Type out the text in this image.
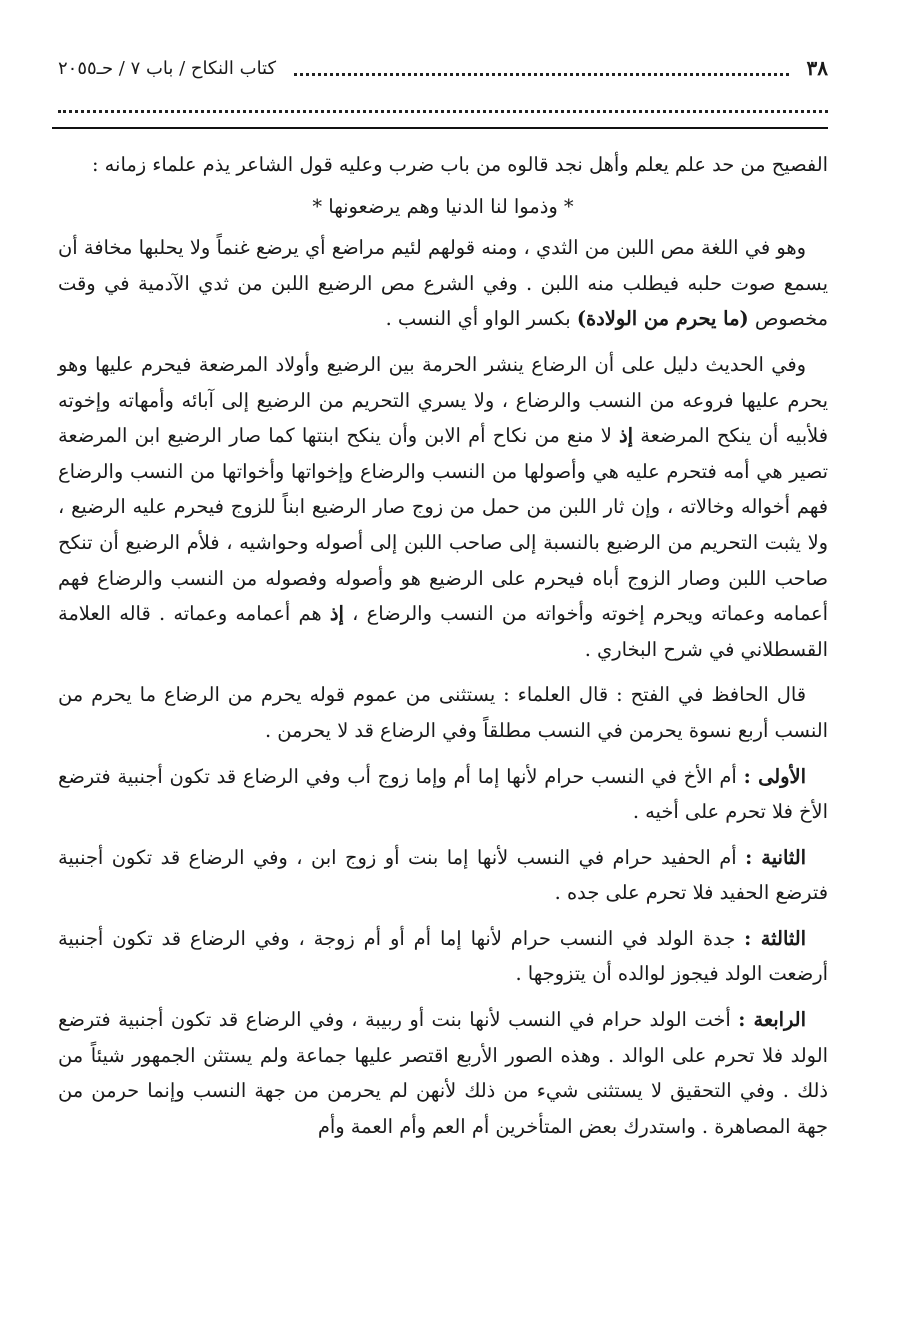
٣٨
كتاب النكاح / باب ٧ / حـ٢٠٥٥

الفصيح من حد علم يعلم وأهل نجد قالوه من باب ضرب وعليه قول الشاعر يذم علماء زمانه :

* وذموا لنا الدنيا وهم يرضعونها *

وهو في اللغة مص اللبن من الثدي ، ومنه قولهم لئيم مراضع أي يرضع غنماً ولا يحلبها مخافة أن يسمع صوت حلبه فيطلب منه اللبن . وفي الشرع مص الرضيع اللبن من ثدي الآدمية في وقت مخصوص (ما يحرم من الولادة) بكسر الواو أي النسب .

وفي الحديث دليل على أن الرضاع ينشر الحرمة بين الرضيع وأولاد المرضعة فيحرم عليها وهو يحرم عليها فروعه من النسب والرضاع ، ولا يسري التحريم من الرضيع إلى آبائه وأمهاته وإخوته فلأبيه أن ينكح المرضعة إذ لا منع من نكاح أم الابن وأن ينكح ابنتها كما صار الرضيع ابن المرضعة تصير هي أمه فتحرم عليه هي وأصولها من النسب والرضاع وإخواتها وأخواتها من النسب والرضاع فهم أخواله وخالاته ، وإن ثار اللبن من حمل من زوج صار الرضيع ابناً للزوج فيحرم عليه الرضيع ، ولا يثبت التحريم من الرضيع بالنسبة إلى صاحب اللبن إلى أصوله وحواشيه ، فلأم الرضيع أن تنكح صاحب اللبن وصار الزوج أباه فيحرم على الرضيع هو وأصوله وفصوله من النسب والرضاع فهم أعمامه وعماته ويحرم إخوته وأخواته من النسب والرضاع ، إذ هم أعمامه وعماته . قاله العلامة القسطلاني في شرح البخاري .

قال الحافظ في الفتح : قال العلماء : يستثنى من عموم قوله يحرم من الرضاع ما يحرم من النسب أربع نسوة يحرمن في النسب مطلقاً وفي الرضاع قد لا يحرمن .

الأولى : أم الأخ في النسب حرام لأنها إما أم وإما زوج أب وفي الرضاع قد تكون أجنبية فترضع الأخ فلا تحرم على أخيه .

الثانية : أم الحفيد حرام في النسب لأنها إما بنت أو زوج ابن ، وفي الرضاع قد تكون أجنبية فترضع الحفيد فلا تحرم على جده .

الثالثة : جدة الولد في النسب حرام لأنها إما أم أو أم زوجة ، وفي الرضاع قد تكون أجنبية أرضعت الولد فيجوز لوالده أن يتزوجها .

الرابعة : أخت الولد حرام في النسب لأنها بنت أو ربيبة ، وفي الرضاع قد تكون أجنبية فترضع الولد فلا تحرم على الوالد . وهذه الصور الأربع اقتصر عليها جماعة ولم يستثن الجمهور شيئاً من ذلك . وفي التحقيق لا يستثنى شيء من ذلك لأنهن لم يحرمن من جهة النسب وإنما حرمن من جهة المصاهرة . واستدرك بعض المتأخرين أم العم وأم العمة وأم
